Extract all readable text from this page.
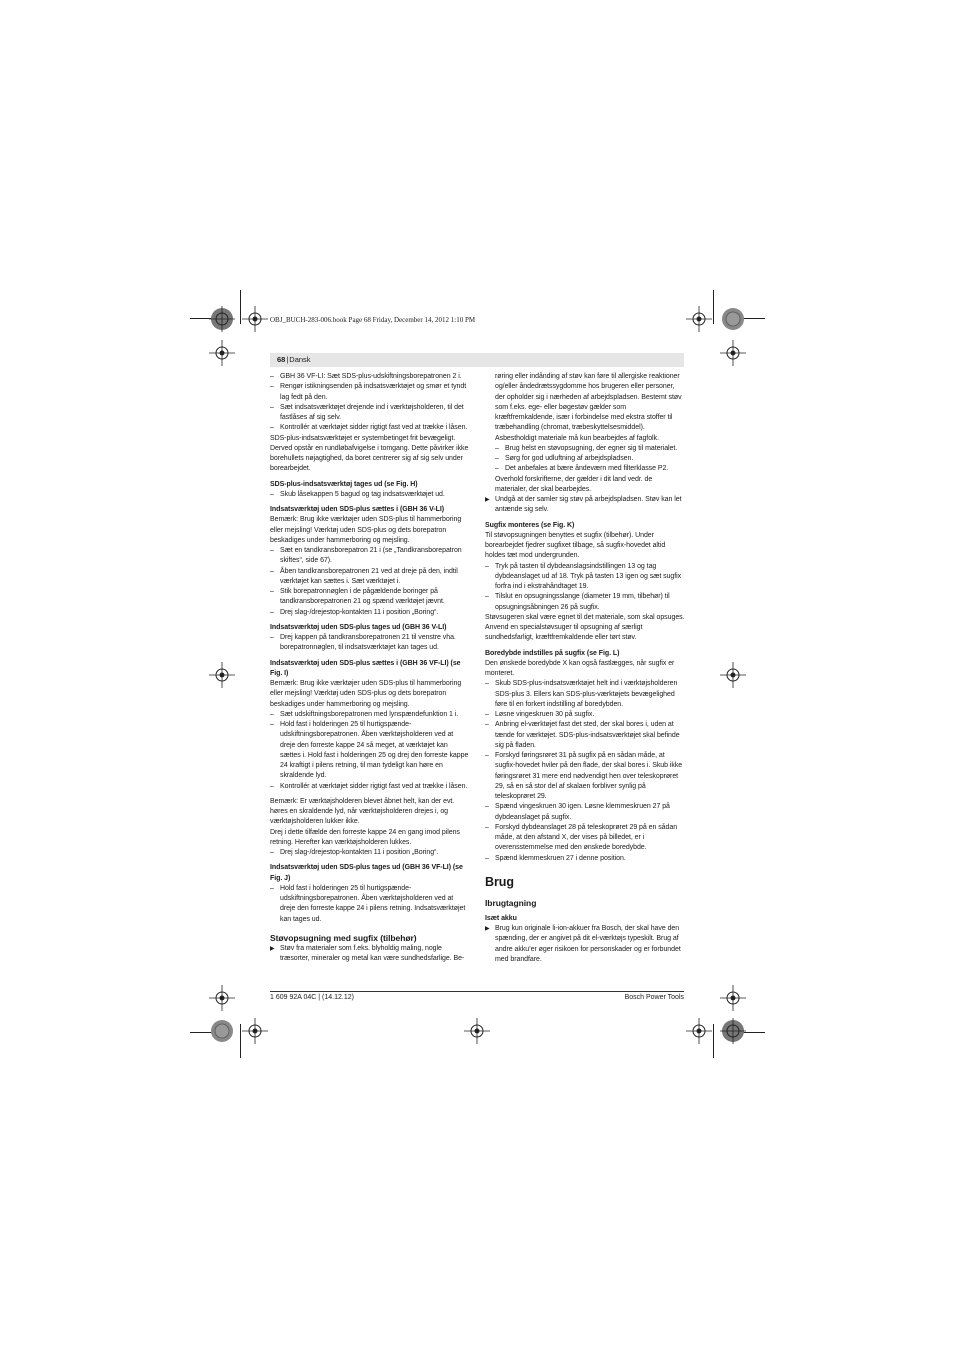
OBJ_BUCH-283-006.book Page 68 Friday, December 14, 2012 1:10 PM
68|Dansk
– GBH 36 VF-LI: Sæt SDS-plus-udskiftningsborepatronen 2 i.
– Rengør istikningsenden på indsatsværktøjet og smør et tyndt lag fedt på den.
– Sæt indsatsværktøjet drejende ind i værktøjsholderen, til det fastlåses af sig selv.
– Kontrollér at værktøjet sidder rigtigt fast ved at trække i låsen.

SDS-plus-indsatsværktøjet er systembetinget frit bevægeligt. Derved opstår en rundløbafvigelse i tomgang. Dette påvirker ikke borehullets nøjagtighed, da boret centrerer sig af sig selv under borearbejdet.

SDS-plus-indsatsværktøj tages ud (se Fig. H)

– Skub låsekappen 5 bagud og tag indsatsværktøjet ud.

Indsatsværktøj uden SDS-plus sættes i (GBH 36 V-LI)

Bemærk: Brug ikke værktøjer uden SDS-plus til hammerboring eller mejsling! Værktøj uden SDS-plus og dets borepatron beskadiges under hammerboring og mejsling.

– Sæt en tandkransborepatron 21 i (se „Tandkransborepatron skiftes“, side 67).
– Åben tandkransborepatronen 21 ved at dreje på den, indtil værktøjet kan sættes i. Sæt værktøjet i.
– Stik borepatronnøglen i de pågældende boringer på tandkransborepatronen 21 og spænd værktøjet jævnt.
– Drej slag-/drejestop-kontakten 11 i position „Boring“.

Indsatsværktøj uden SDS-plus tages ud (GBH 36 V-LI)

– Drej kappen på tandkransborepatronen 21 til venstre vha. borepatronnøglen, til indsatsværktøjet kan tages ud.

Indsatsværktøj uden SDS-plus sættes i (GBH 36 VF-LI) (se Fig. I)

Bemærk: Brug ikke værktøjer uden SDS-plus til hammerboring eller mejsling! Værktøj uden SDS-plus og dets borepatron beskadiges under hammerboring og mejsling.

– Sæt udskiftningsborepatronen med lynspændefunktion 1 i.
– Hold fast i holderingen 25 til hurtigspænde-udskiftningsborepatronen. Åben værktøjsholderen ved at dreje den forreste kappe 24 så meget, at værktøjet kan sættes i. Hold fast i holderingen 25 og drej den forreste kappe 24 kraftigt i pilens retning, til man tydeligt kan høre en skraldende lyd.
– Kontrollér at værktøjet sidder rigtigt fast ved at trække i låsen.

Bemærk: Er værktøjsholderen blevet åbnet helt, kan der evt. høres en skraldende lyd, når værktøjsholderen drejes i, og værktøjsholderen lukker ikke.

Drej i dette tilfælde den forreste kappe 24 en gang imod pilens retning. Herefter kan værktøjsholderen lukkes.

– Drej slag-/drejestop-kontakten 11 i position „Boring“.

Indsatsværktøj uden SDS-plus tages ud (GBH 36 VF-LI) (se Fig. J)

– Hold fast i holderingen 25 til hurtigspænde-udskiftningsborepatronen. Åben værktøjsholderen ved at dreje den forreste kappe 24 i pilens retning. Indsatsværktøjet kan tages ud.

Støvopsugning med sugfix (tilbehør)

▶ Støv fra materialer som f.eks. blyholdig maling, nogle træsorter, mineraler og metal kan være sundhedsfarlige. Be-

røring eller indånding af støv kan føre til allergiske reaktioner og/eller åndedrætssygdomme hos brugeren eller personer, der opholder sig i nærheden af arbejdspladsen. Bestemt støv som f.eks. ege- eller bøgestøv gælder som kræftfremkaldende, især i forbindelse med ekstra stoffer til træbehandling (chromat, træbeskyttelsesmiddel). Asbestholdigt materiale må kun bearbejdes af fagfolk.

– Brug helst en støvopsugning, der egner sig til materialet.
– Sørg for god udluftning af arbejdspladsen.
– Det anbefales at bære åndeværn med filterklasse P2.

Overhold forskrifterne, der gælder i dit land vedr. de materialer, der skal bearbejdes.

▶ Undgå at der samler sig støv på arbejdspladsen. Støv kan let antænde sig selv.

Sugfix monteres (se Fig. K)

Til støvopsugningen benyttes et sugfix (tilbehør). Under borearbejdet fjedrer sugfixet tilbage, så sugfix-hovedet altid holdes tæt mod undergrunden.

– Tryk på tasten til dybdeanslagsindstillingen 13 og tag dybdeanslaget ud af 18. Tryk på tasten 13 igen og sæt sugfix forfra ind i ekstrahåndtaget 19.
– Tilslut en opsugningsslange (diameter 19 mm, tilbehør) til opsugningsåbningen 26 på sugfix.

Støvsugeren skal være egnet til det materiale, som skal opsuges.

Anvend en specialstøvsuger til opsugning af særligt sundhedsfarligt, kræftfremkaldende eller tørt støv.

Boredybde indstilles på sugfix (se Fig. L)

Den ønskede boredybde X kan også fastlægges, når sugfix er monteret.

– Skub SDS-plus-indsatsværktøjet helt ind i værktøjsholderen SDS-plus 3. Ellers kan SDS-plus-værktøjets bevægelighed føre til en forkert indstilling af boredybden.
– Løsne vingeskruen 30 på sugfix.
– Anbring el-værktøjet fast det sted, der skal bores i, uden at tænde for værktøjet. SDS-plus-indsatsværktøjet skal befinde sig på fladen.
– Forskyd føringsrøret 31 på sugfix på en sådan måde, at sugfix-hovedet hviler på den flade, der skal bores i. Skub ikke føringsrøret 31 mere end nødvendigt hen over teleskoprøret 29, så en så stor del af skalaen forbliver synlig på teleskoprøret 29.
– Spænd vingeskruen 30 igen. Løsne klemmeskruen 27 på dybdeanslaget på sugfix.
– Forskyd dybdeanslaget 28 på teleskoprøret 29 på en sådan måde, at den afstand X, der vises på billedet, er i overensstemmelse med den ønskede boredybde.
– Spænd klemmeskruen 27 i denne position.

Brug

Ibrugtagning

Isæt akku

▶ Brug kun originale li-ion-akkuer fra Bosch, der skal have den spænding, der er angivet på dit el-værktøjs typeskilt. Brug af andre akku’er øger risikoen for personskader og er forbundet med brandfare.
1 609 92A 04C | (14.12.12)	Bosch Power Tools
